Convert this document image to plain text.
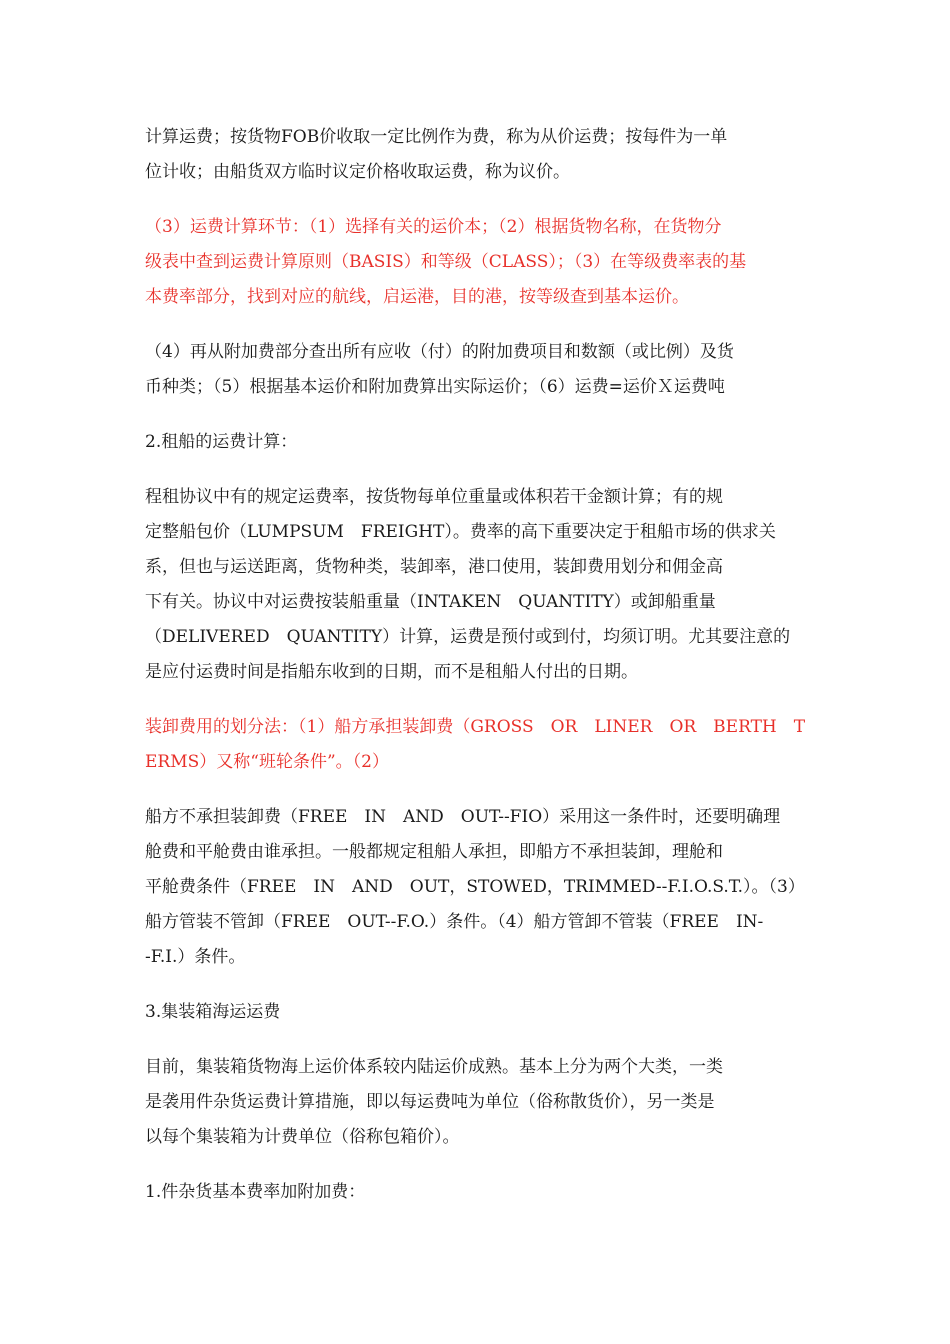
计算运费；按货物FOB价收取一定比例作为费，称为从价运费；按每件为一单
位计收；由船货双方临时议定价格收取运费，称为议价。

（3）运费计算环节：（1）选择有关的运价本；（2）根据货物名称，在货物分
级表中查到运费计算原则（BASIS）和等级（CLASS）；（3）在等级费率表的基
本费率部分，找到对应的航线，启运港，目的港，按等级查到基本运价。

（4）再从附加费部分查出所有应收（付）的附加费项目和数额（或比例）及货
币种类；（5）根据基本运价和附加费算出实际运价；（6）运费=运价Ｘ运费吨

2.租船的运费计算：

程租协议中有的规定运费率，按货物每单位重量或体积若干金额计算；有的规
定整船包价（LUMPSUM　FREIGHT）。费率的高下重要决定于租船市场的供求关
系，但也与运送距离，货物种类，装卸率，港口使用，装卸费用划分和佣金高
下有关。协议中对运费按装船重量（INTAKEN　QUANTITY）或卸船重量
（DELIVERED　QUANTITY）计算，运费是预付或到付，均须订明。尤其要注意的
是应付运费时间是指船东收到的日期，而不是租船人付出的日期。

装卸费用的划分法：（1）船方承担装卸费（GROSS　OR　LINER　OR　BERTH　T
ERMS）又称“班轮条件”。（2）

船方不承担装卸费（FREE　IN　AND　OUT--FIO）采用这一条件时，还要明确理
舱费和平舱费由谁承担。一般都规定租船人承担，即船方不承担装卸，理舱和
平舱费条件（FREE　IN　AND　OUT，STOWED，TRIMMED--F.I.O.S.T.）。（3）
船方管装不管卸（FREE　OUT--F.O.）条件。（4）船方管卸不管装（FREE　IN-
-F.I.）条件。

3.集装箱海运运费

目前，集装箱货物海上运价体系较内陆运价成熟。基本上分为两个大类，一类
是袭用件杂货运费计算措施，即以每运费吨为单位（俗称散货价），另一类是
以每个集装箱为计费单位（俗称包箱价）。

1.件杂货基本费率加附加费：
